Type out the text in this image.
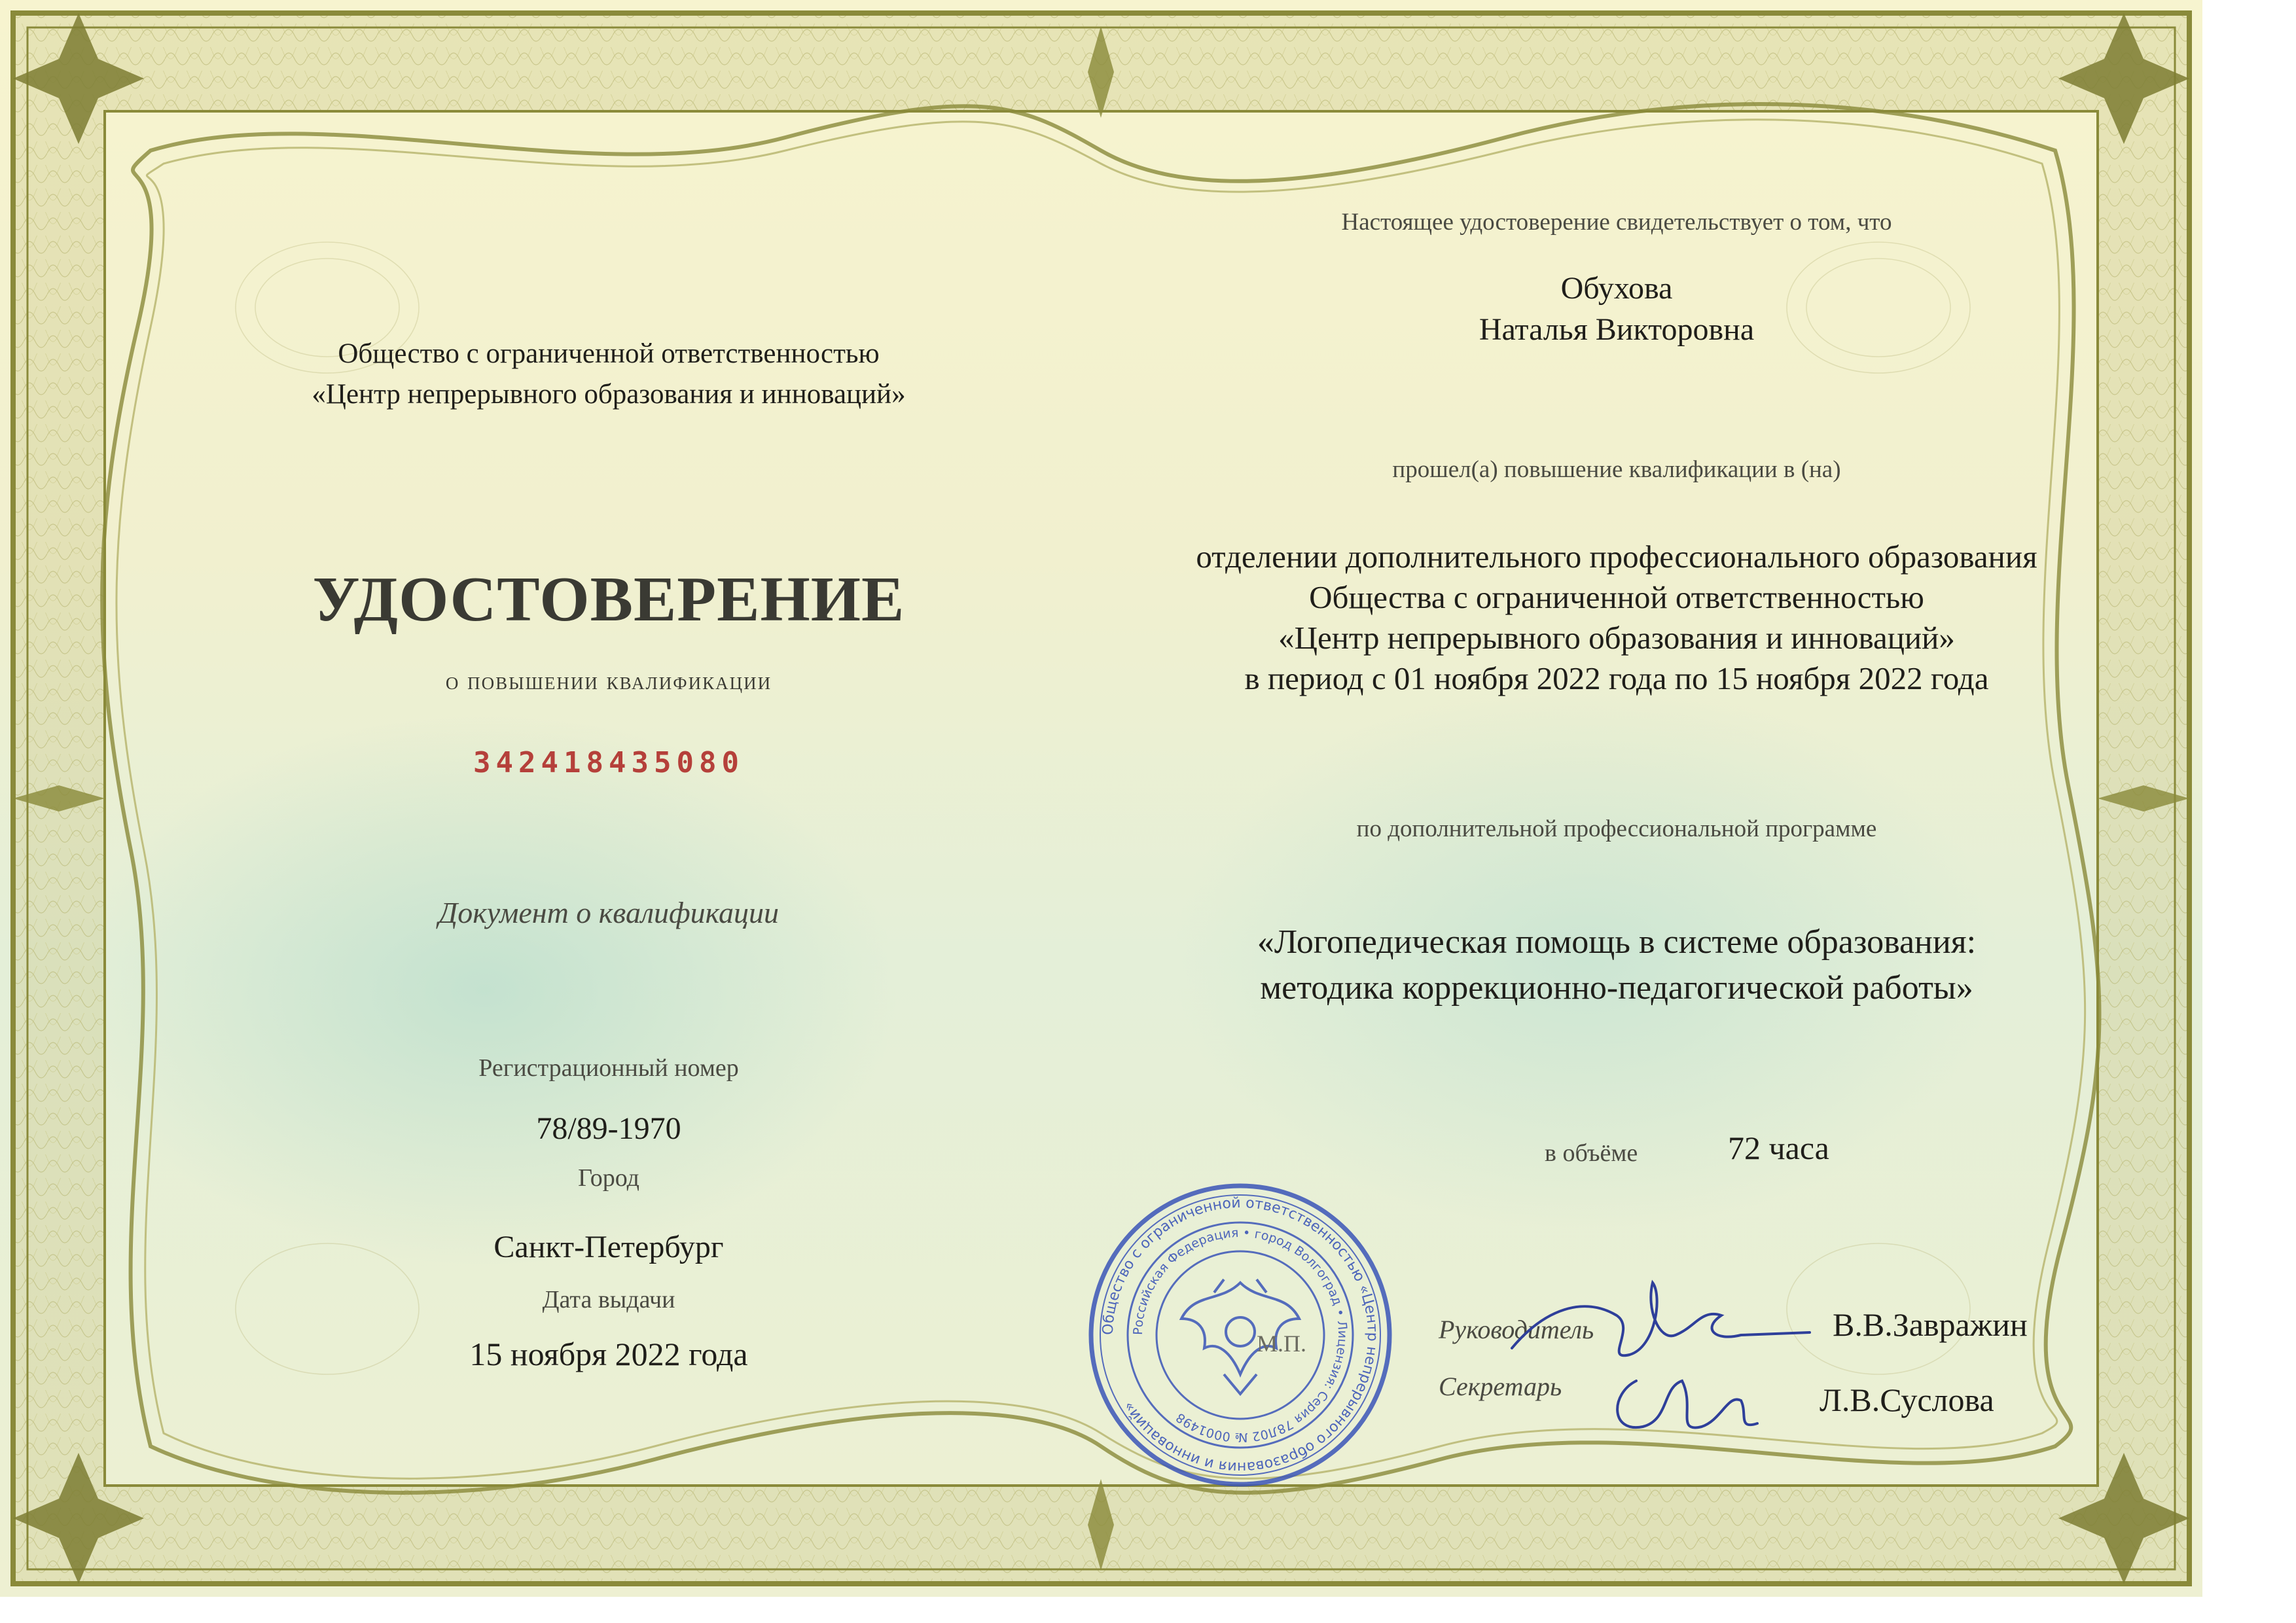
Общество с ограниченной ответственностью
«Центр непрерывного образования и инноваций»
УДОСТОВЕРЕНИЕ
о повышении квалификации
342418435080
Документ о квалификации
Регистрационный номер
78/89-1970
Город
Санкт-Петербург
Дата выдачи
15 ноября 2022 года
Настоящее удостоверение свидетельствует о том, что
Обухова
Наталья Викторовна
прошел(а) повышение квалификации в (на)
отделении дополнительного профессионального образования
Общества с ограниченной ответственностью
«Центр непрерывного образования и инноваций»
в период с 01 ноября 2022 года по 15 ноября 2022 года
по дополнительной профессиональной программе
«Логопедическая помощь в системе образования:
методика коррекционно-педагогической работы»
в объёме	72 часа
Общество с ограниченной ответственностью «Центр непрерывного образования и инноваций»
Российская Федерация • город Волгоград • Лицензия: Серия 78Л02 № 0001498
М.П.	Руководитель	В.В.Завражин
Секретарь	Л.В.Суслова
